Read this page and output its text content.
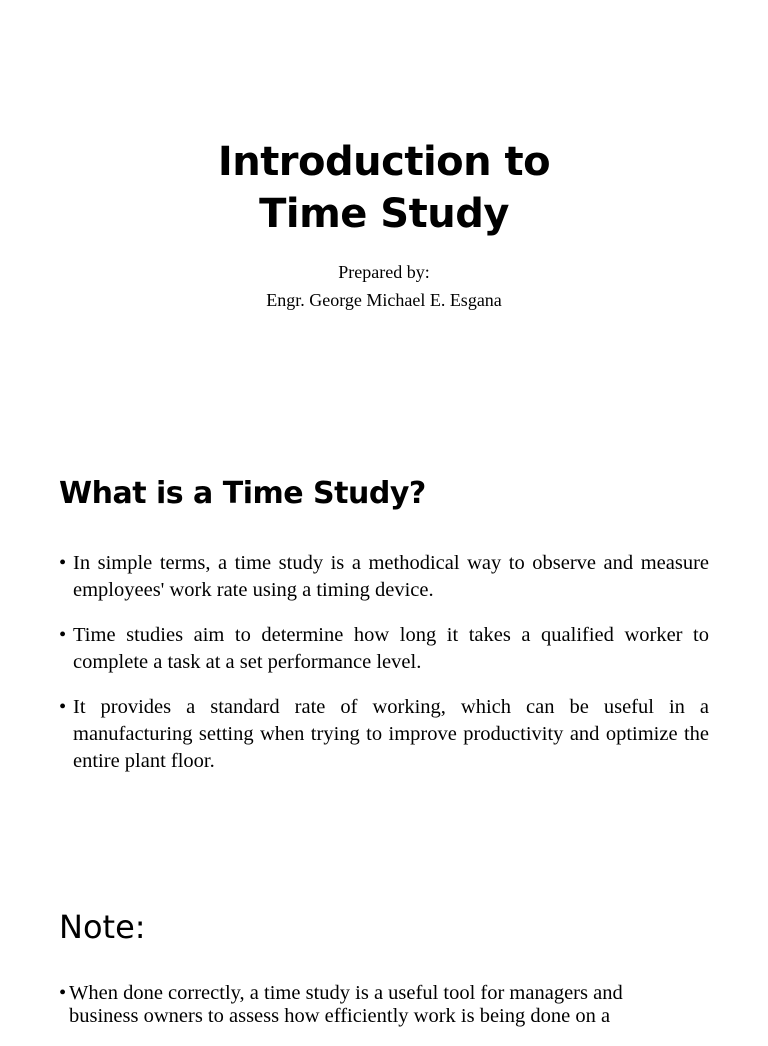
Introduction to
Time Study
Prepared by:
Engr. George Michael E. Esgana
What is a Time Study?
• In simple terms, a time study is a methodical way to observe and measure employees' work rate using a timing device.
• Time studies aim to determine how long it takes a qualified worker to complete a task at a set performance level.
• It provides a standard rate of working, which can be useful in a manufacturing setting when trying to improve productivity and optimize the entire plant floor.
Note:
• When done correctly, a time study is a useful tool for managers and business owners to assess how efficiently work is being done on a
